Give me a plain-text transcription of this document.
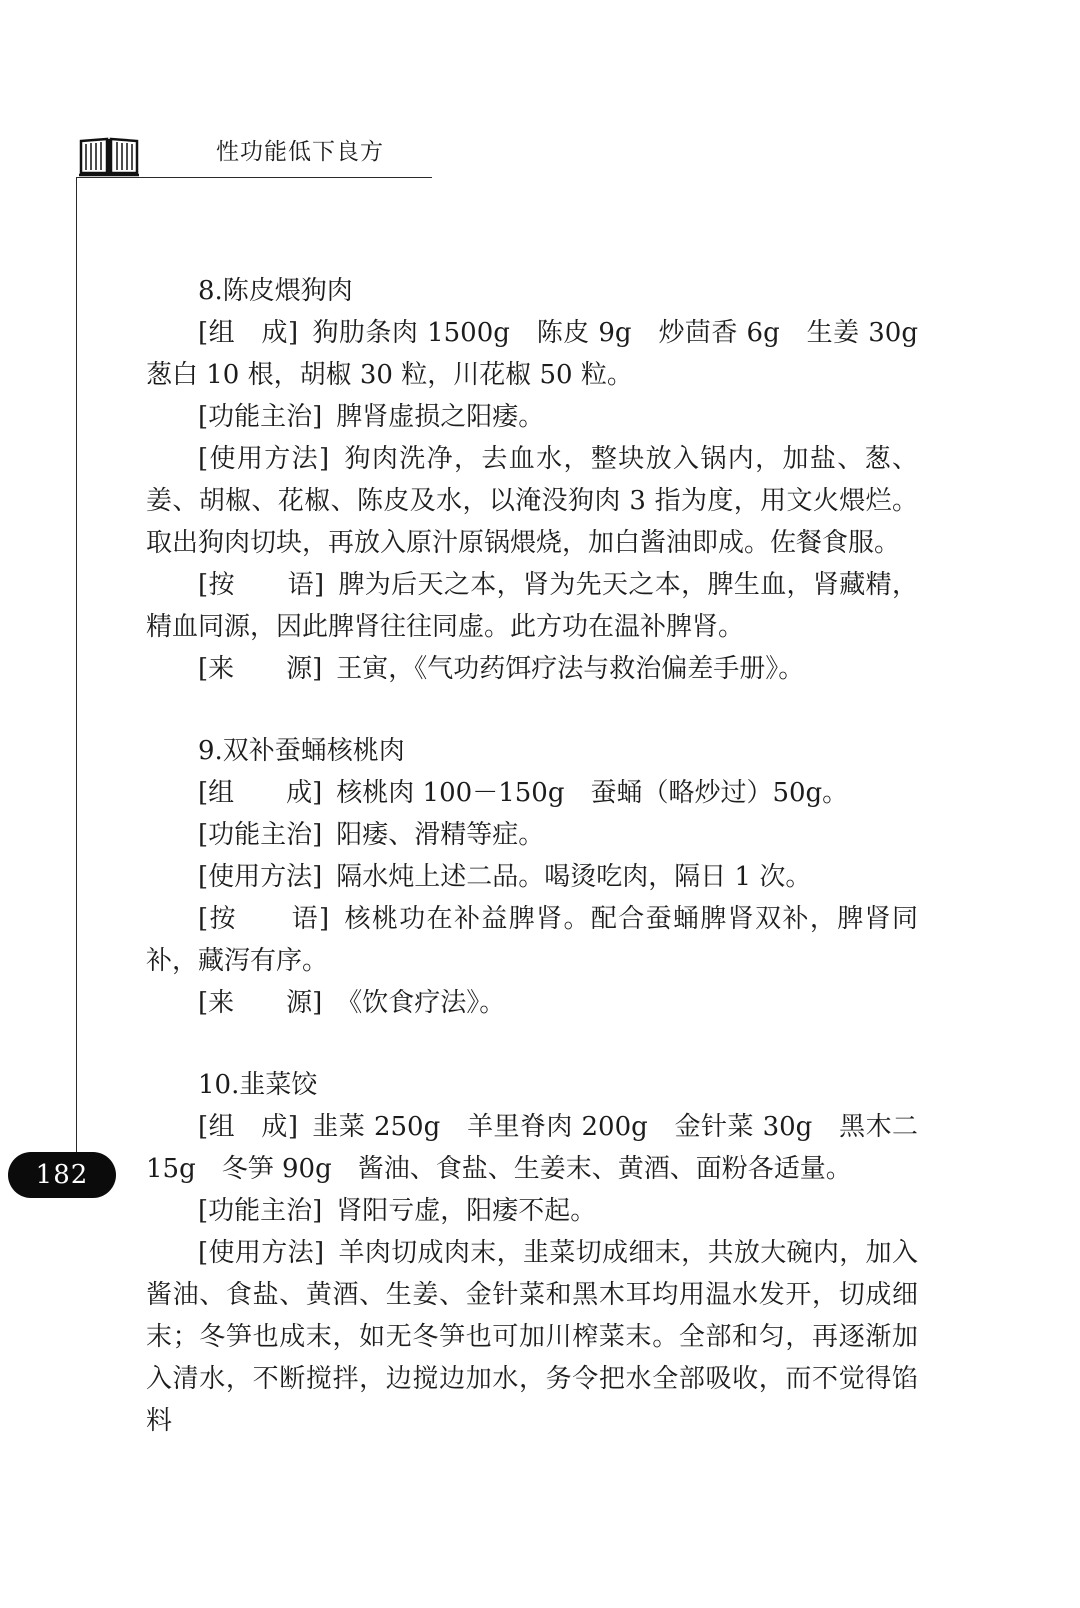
性功能低下良方
182
8.陈皮煨狗肉

[组　成] 狗肋条肉 1500g　陈皮 9g　炒茴香 6g　生姜 30g 葱白 10 根，胡椒 30 粒，川花椒 50 粒。

[功能主治] 脾肾虚损之阳痿。

[使用方法] 狗肉洗净，去血水，整块放入锅内，加盐、葱、姜、胡椒、花椒、陈皮及水，以淹没狗肉 3 指为度，用文火煨烂。取出狗肉切块，再放入原汁原锅煨烧，加白酱油即成。佐餐食服。

[按　　语] 脾为后天之本，肾为先天之本，脾生血，肾藏精，精血同源，因此脾肾往往同虚。此方功在温补脾肾。

[来　　源] 王寅，《气功药饵疗法与救治偏差手册》。

9.双补蚕蛹核桃肉

[组　　成] 核桃肉 100－150g　蚕蛹（略炒过）50g。

[功能主治] 阳痿、滑精等症。

[使用方法] 隔水炖上述二品。喝烫吃肉，隔日 1 次。

[按　　语] 核桃功在补益脾肾。配合蚕蛹脾肾双补，脾肾同补，藏泻有序。

[来　　源] 《饮食疗法》。

10.韭菜饺

[组　成] 韭菜 250g　羊里脊肉 200g　金针菜 30g　黑木二 15g　冬笋 90g　酱油、食盐、生姜末、黄酒、面粉各适量。

[功能主治] 肾阳亏虚，阳痿不起。

[使用方法] 羊肉切成肉末，韭菜切成细末，共放大碗内，加入酱油、食盐、黄酒、生姜、金针菜和黑木耳均用温水发开，切成细末；冬笋也成末，如无冬笋也可加川榨菜末。全部和匀，再逐渐加入清水，不断搅拌，边搅边加水，务令把水全部吸收，而不觉得馅料
